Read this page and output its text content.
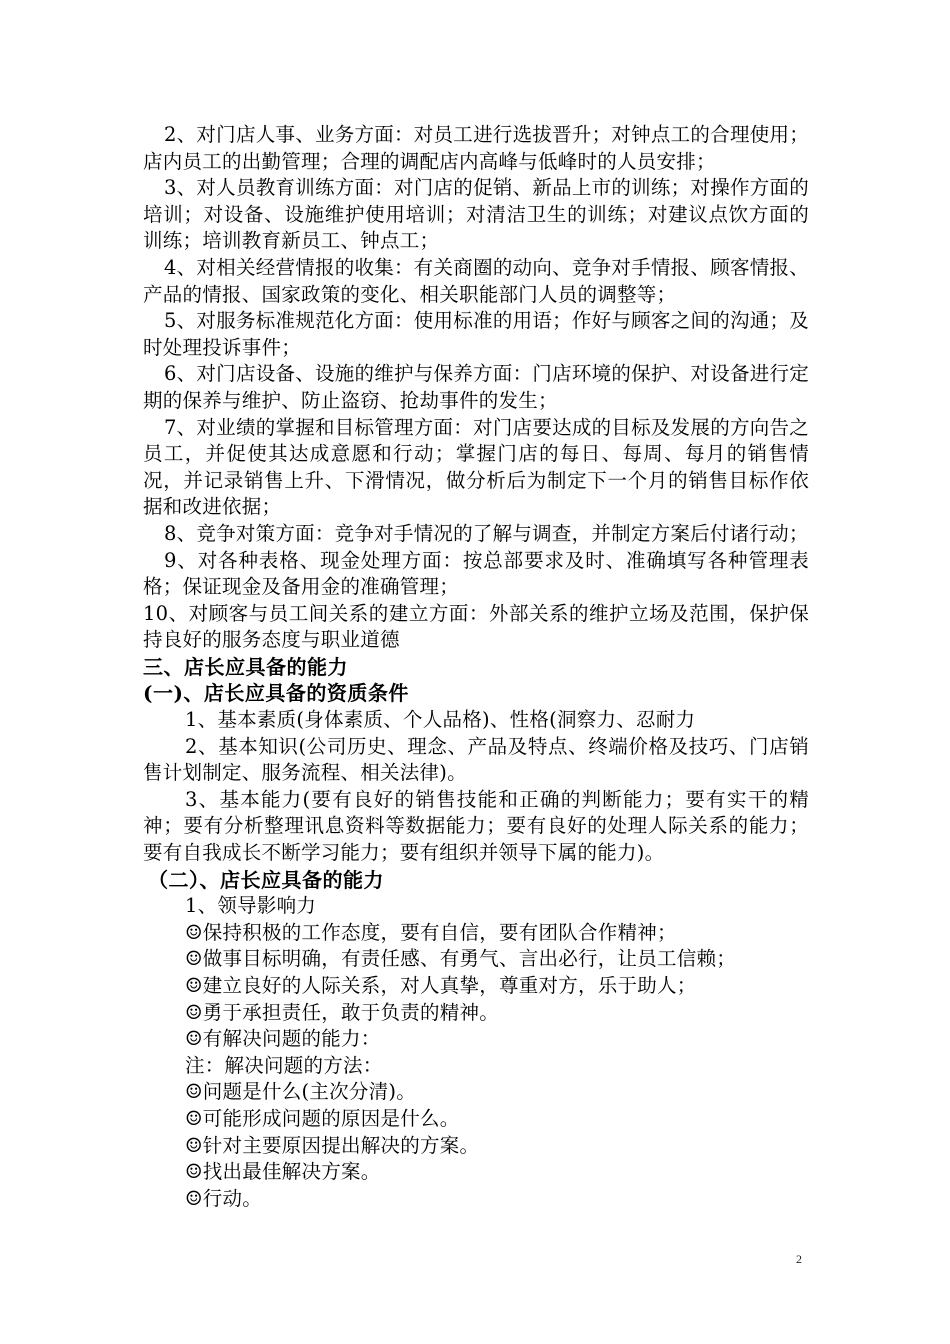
2、对门店人事、业务方面：对员工进行选拔晋升；对钟点工的合理使用；店内员工的出勤管理；合理的调配店内高峰与低峰时的人员安排；

3、对人员教育训练方面：对门店的促销、新品上市的训练；对操作方面的培训；对设备、设施维护使用培训；对清洁卫生的训练；对建议点饮方面的训练；培训教育新员工、钟点工；

4、对相关经营情报的收集：有关商圈的动向、竞争对手情报、顾客情报、产品的情报、国家政策的变化、相关职能部门人员的调整等；

5、对服务标准规范化方面：使用标准的用语；作好与顾客之间的沟通；及时处理投诉事件；

6、对门店设备、设施的维护与保养方面：门店环境的保护、对设备进行定期的保养与维护、防止盗窃、抢劫事件的发生；

7、对业绩的掌握和目标管理方面：对门店要达成的目标及发展的方向告之员工，并促使其达成意愿和行动；掌握门店的每日、每周、每月的销售情况，并记录销售上升、下滑情况，做分析后为制定下一个月的销售目标作依据和改进依据；

8、竞争对策方面：竞争对手情况的了解与调查，并制定方案后付诸行动；

9、对各种表格、现金处理方面：按总部要求及时、准确填写各种管理表格；保证现金及备用金的准确管理；

10、对顾客与员工间关系的建立方面：外部关系的维护立场及范围，保护保持良好的服务态度与职业道德

三、店长应具备的能力

(一)、店长应具备的资质条件

1、基本素质(身体素质、个人品格)、性格(洞察力、忍耐力

2、基本知识(公司历史、理念、产品及特点、终端价格及技巧、门店销售计划制定、服务流程、相关法律)。

3、基本能力(要有良好的销售技能和正确的判断能力；要有实干的精神；要有分析整理讯息资料等数据能力；要有良好的处理人际关系的能力；要有自我成长不断学习能力；要有组织并领导下属的能力)。

（二）、店长应具备的能力

1、领导影响力

☺保持积极的工作态度，要有自信，要有团队合作精神；

☺做事目标明确，有责任感、有勇气、言出必行，让员工信赖；

☺建立良好的人际关系，对人真挚，尊重对方，乐于助人；

☺勇于承担责任，敢于负责的精神。

☺有解决问题的能力：

注：解决问题的方法：

☺问题是什么(主次分清)。

☺可能形成问题的原因是什么。

☺针对主要原因提出解决的方案。

☺找出最佳解决方案。

☺行动。

2
